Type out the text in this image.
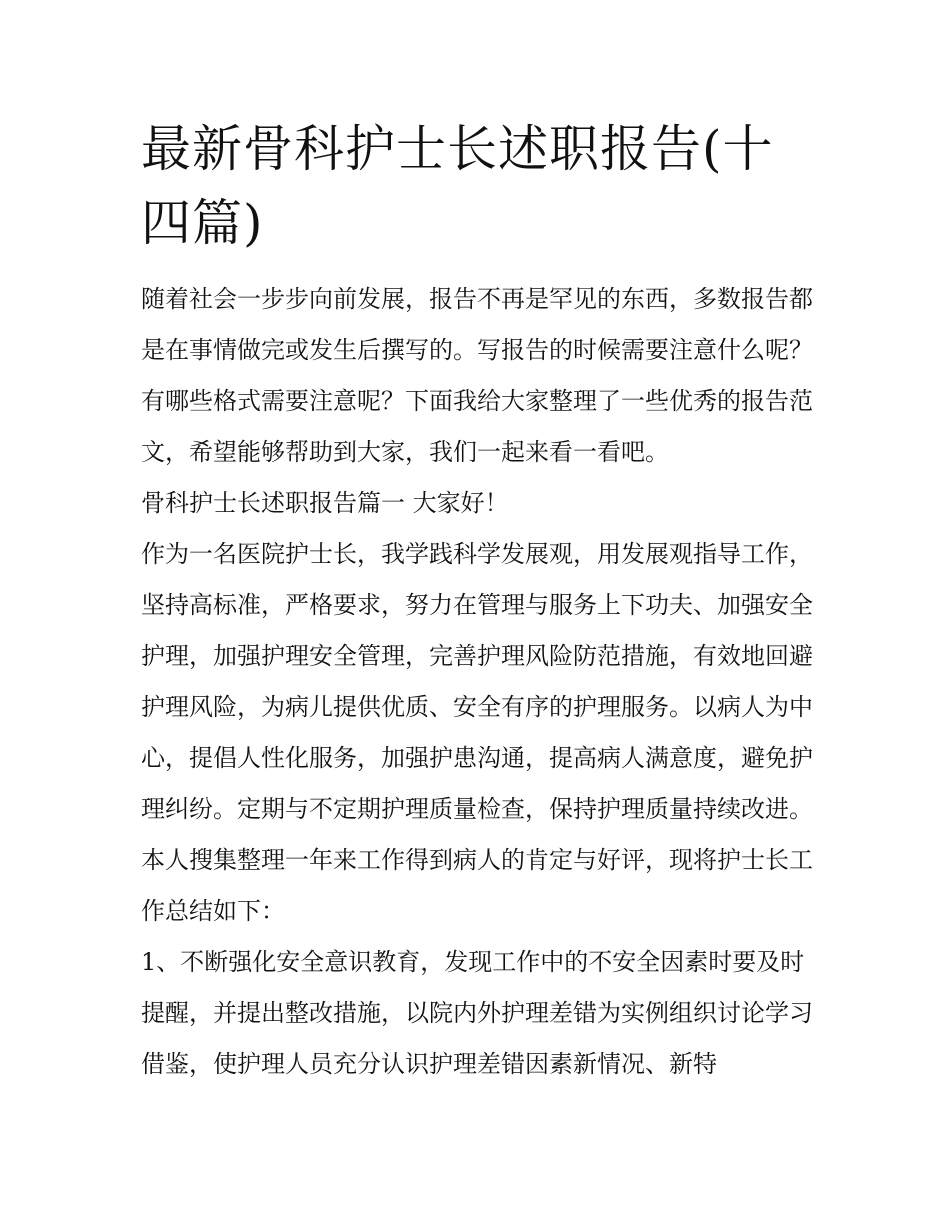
最新骨科护士长述职报告(十四篇)

随着社会一步步向前发展，报告不再是罕见的东西，多数报告都是在事情做完或发生后撰写的。写报告的时候需要注意什么呢？有哪些格式需要注意呢？下面我给大家整理了一些优秀的报告范文，希望能够帮助到大家，我们一起来看一看吧。

骨科护士长述职报告篇一 大家好！

作为一名医院护士长，我学践科学发展观，用发展观指导工作，坚持高标准，严格要求，努力在管理与服务上下功夫、加强安全护理，加强护理安全管理，完善护理风险防范措施，有效地回避护理风险，为病儿提供优质、安全有序的护理服务。以病人为中心，提倡人性化服务，加强护患沟通，提高病人满意度，避免护理纠纷。定期与不定期护理质量检查，保持护理质量持续改进。本人搜集整理一年来工作得到病人的肯定与好评，现将护士长工作总结如下：

1、不断强化安全意识教育，发现工作中的不安全因素时要及时提醒，并提出整改措施，以院内外护理差错为实例组织讨论学习借鉴，使护理人员充分认识护理差错因素新情况、新特
